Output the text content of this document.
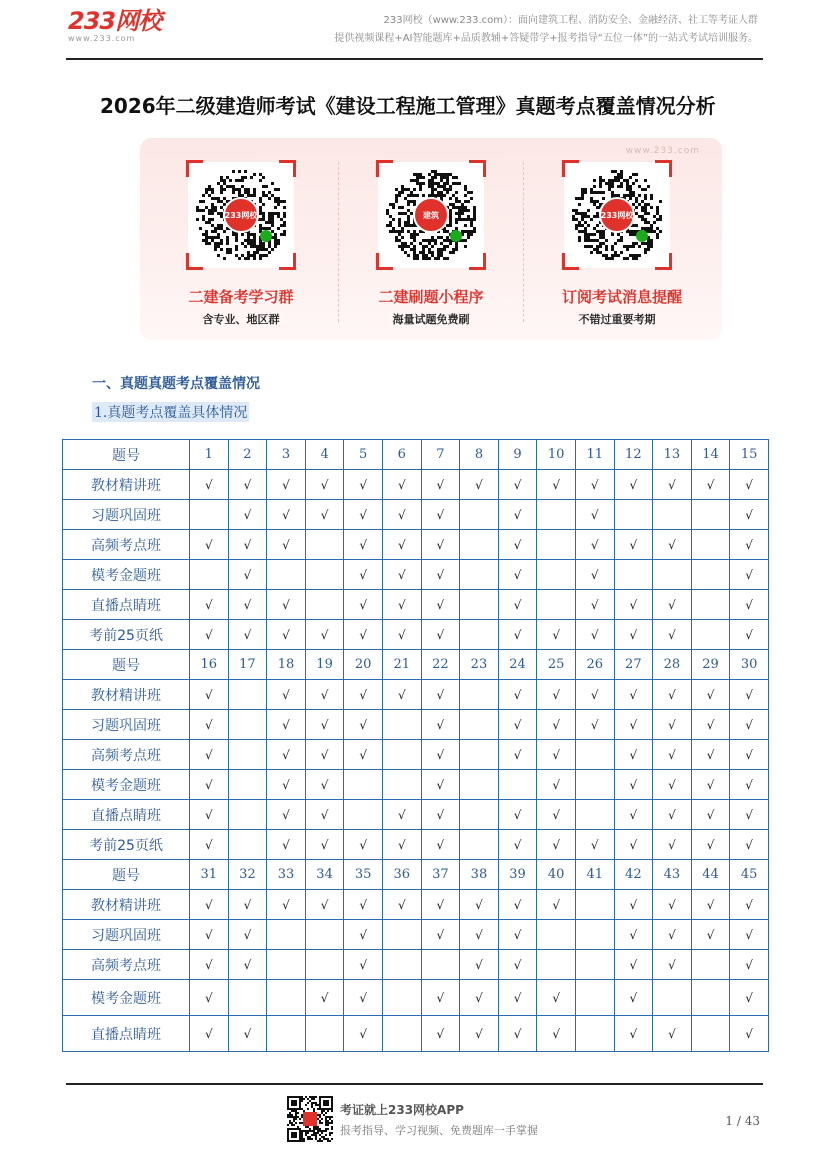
233网校
www.233.com
233网校（www.233.com）：面向建筑工程、消防安全、金融经济、社工等考证人群
提供视频课程+AI智能题库+品质教辅+答疑带学+报考指导“五位一体”的一站式考试培训服务。
2026年二级建造师考试《建设工程施工管理》真题考点覆盖情况分析
www.233.com
233网校
二建备考学习群
含专业、地区群
建筑
二建刷题小程序
海量试题免费刷
233网校
订阅考试消息提醒
不错过重要考期
一、真题真题考点覆盖情况
1.真题考点覆盖具体情况
题号	1	2	3	4	5	6	7	8	9	10	11	12	13	14	15
教材精讲班	√	√	√	√	√	√	√	√	√	√	√	√	√	√	√
习题巩固班		√	√	√	√	√	√		√		√				√
高频考点班	√	√	√		√	√	√		√		√	√	√		√
模考金题班		√			√	√	√		√		√				√
直播点睛班	√	√	√		√	√	√		√		√	√	√		√
考前25页纸	√	√	√	√	√	√	√		√	√	√	√	√		√
题号	16	17	18	19	20	21	22	23	24	25	26	27	28	29	30
教材精讲班	√		√	√	√	√	√		√	√	√	√	√	√	√
习题巩固班	√		√	√	√		√		√	√	√	√	√	√	√
高频考点班	√		√	√	√		√		√	√		√	√	√	√
模考金题班	√		√	√			√			√		√	√	√	√
直播点睛班	√		√	√		√	√		√	√		√	√	√	√
考前25页纸	√		√	√	√	√	√		√	√	√	√	√	√	√
题号	31	32	33	34	35	36	37	38	39	40	41	42	43	44	45
教材精讲班	√	√	√	√	√	√	√	√	√	√		√	√	√	√
习题巩固班	√	√			√		√	√	√			√	√	√	√
高频考点班	√	√			√			√	√			√	√		√
模考金题班	√			√	√		√	√	√	√		√			√
直播点睛班	√	√			√		√	√	√	√		√	√		√
考证就上233网校APP
报考指导、学习视频、免费题库一手掌握
1 / 43
